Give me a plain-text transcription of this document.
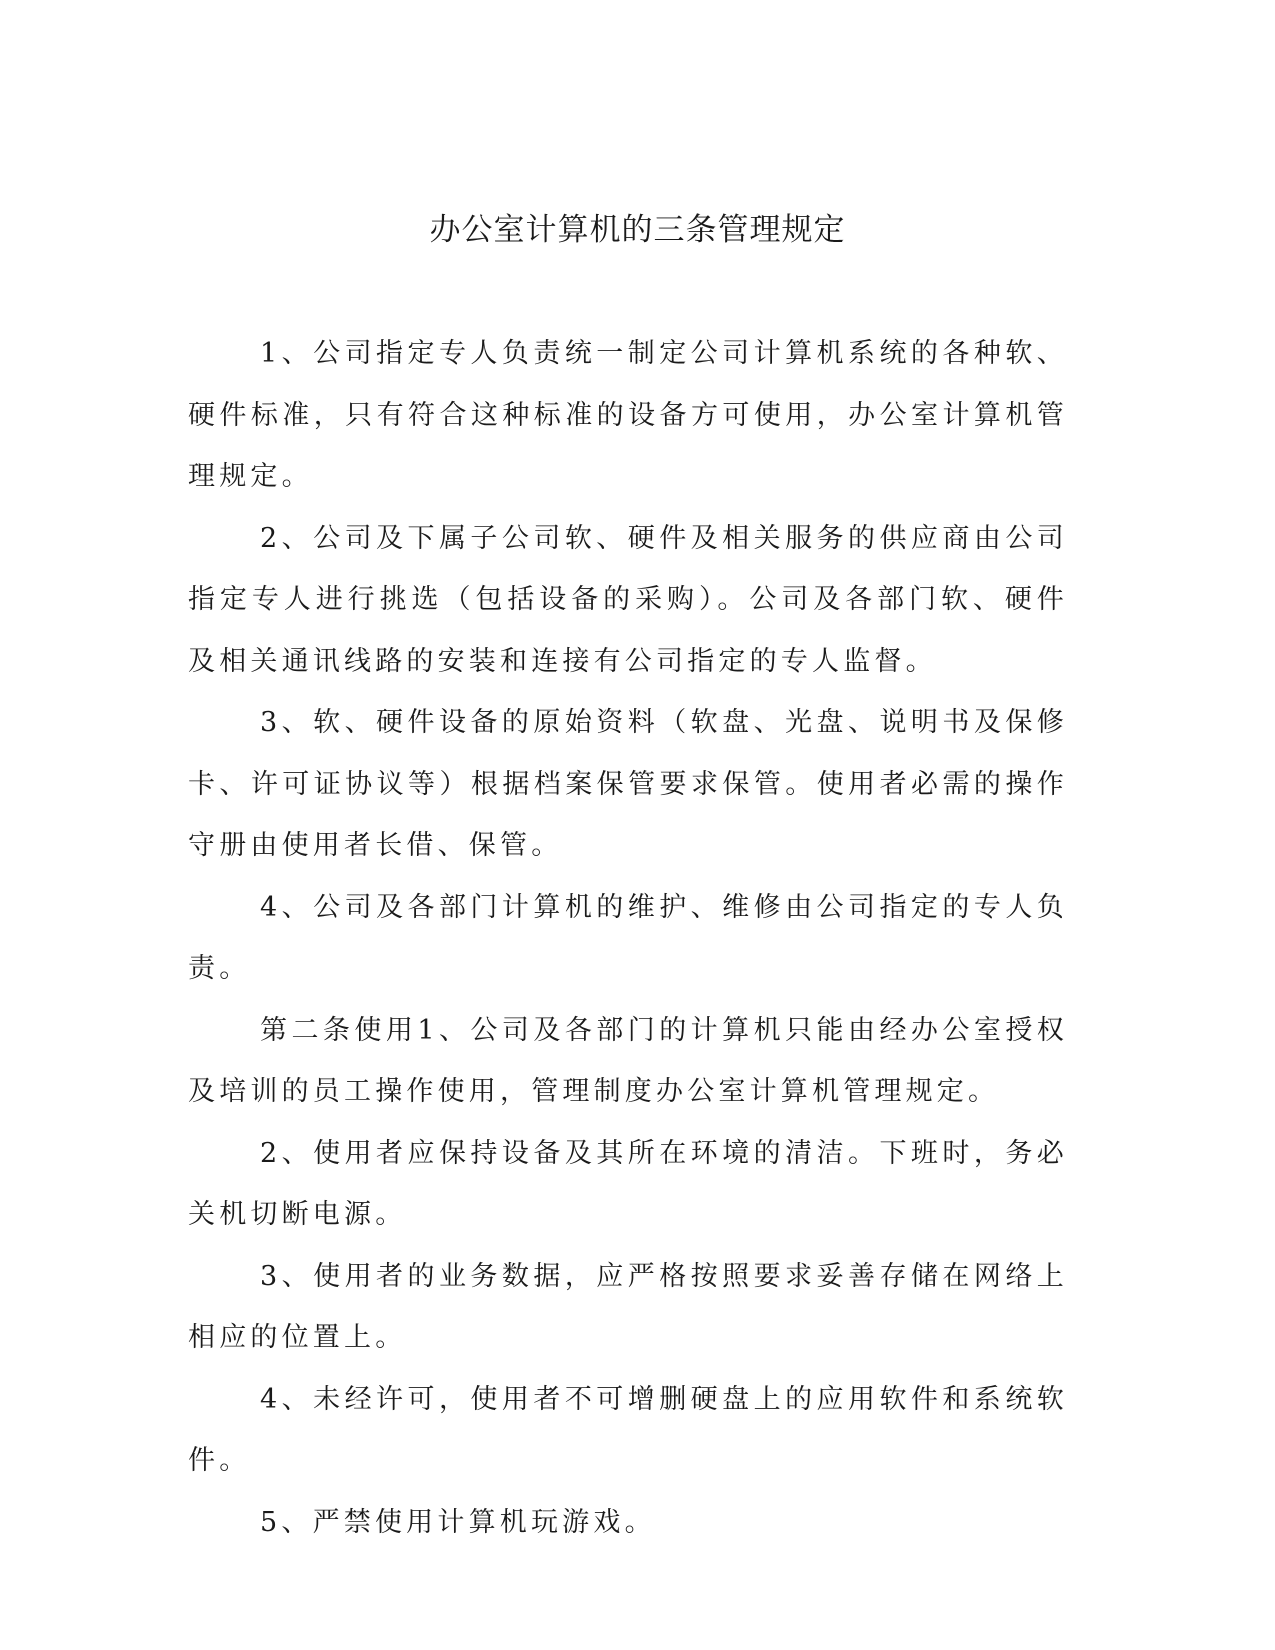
办公室计算机的三条管理规定

1、公司指定专人负责统一制定公司计算机系统的各种软、硬件标准，只有符合这种标准的设备方可使用，办公室计算机管理规定。

2、公司及下属子公司软、硬件及相关服务的供应商由公司指定专人进行挑选（包括设备的采购）。公司及各部门软、硬件及相关通讯线路的安装和连接有公司指定的专人监督。

3、软、硬件设备的原始资料（软盘、光盘、说明书及保修卡、许可证协议等）根据档案保管要求保管。使用者必需的操作守册由使用者长借、保管。

4、公司及各部门计算机的维护、维修由公司指定的专人负责。

第二条使用1、公司及各部门的计算机只能由经办公室授权及培训的员工操作使用，管理制度办公室计算机管理规定。

2、使用者应保持设备及其所在环境的清洁。下班时，务必关机切断电源。

3、使用者的业务数据，应严格按照要求妥善存储在网络上相应的位置上。

4、未经许可，使用者不可增删硬盘上的应用软件和系统软件。

5、严禁使用计算机玩游戏。
